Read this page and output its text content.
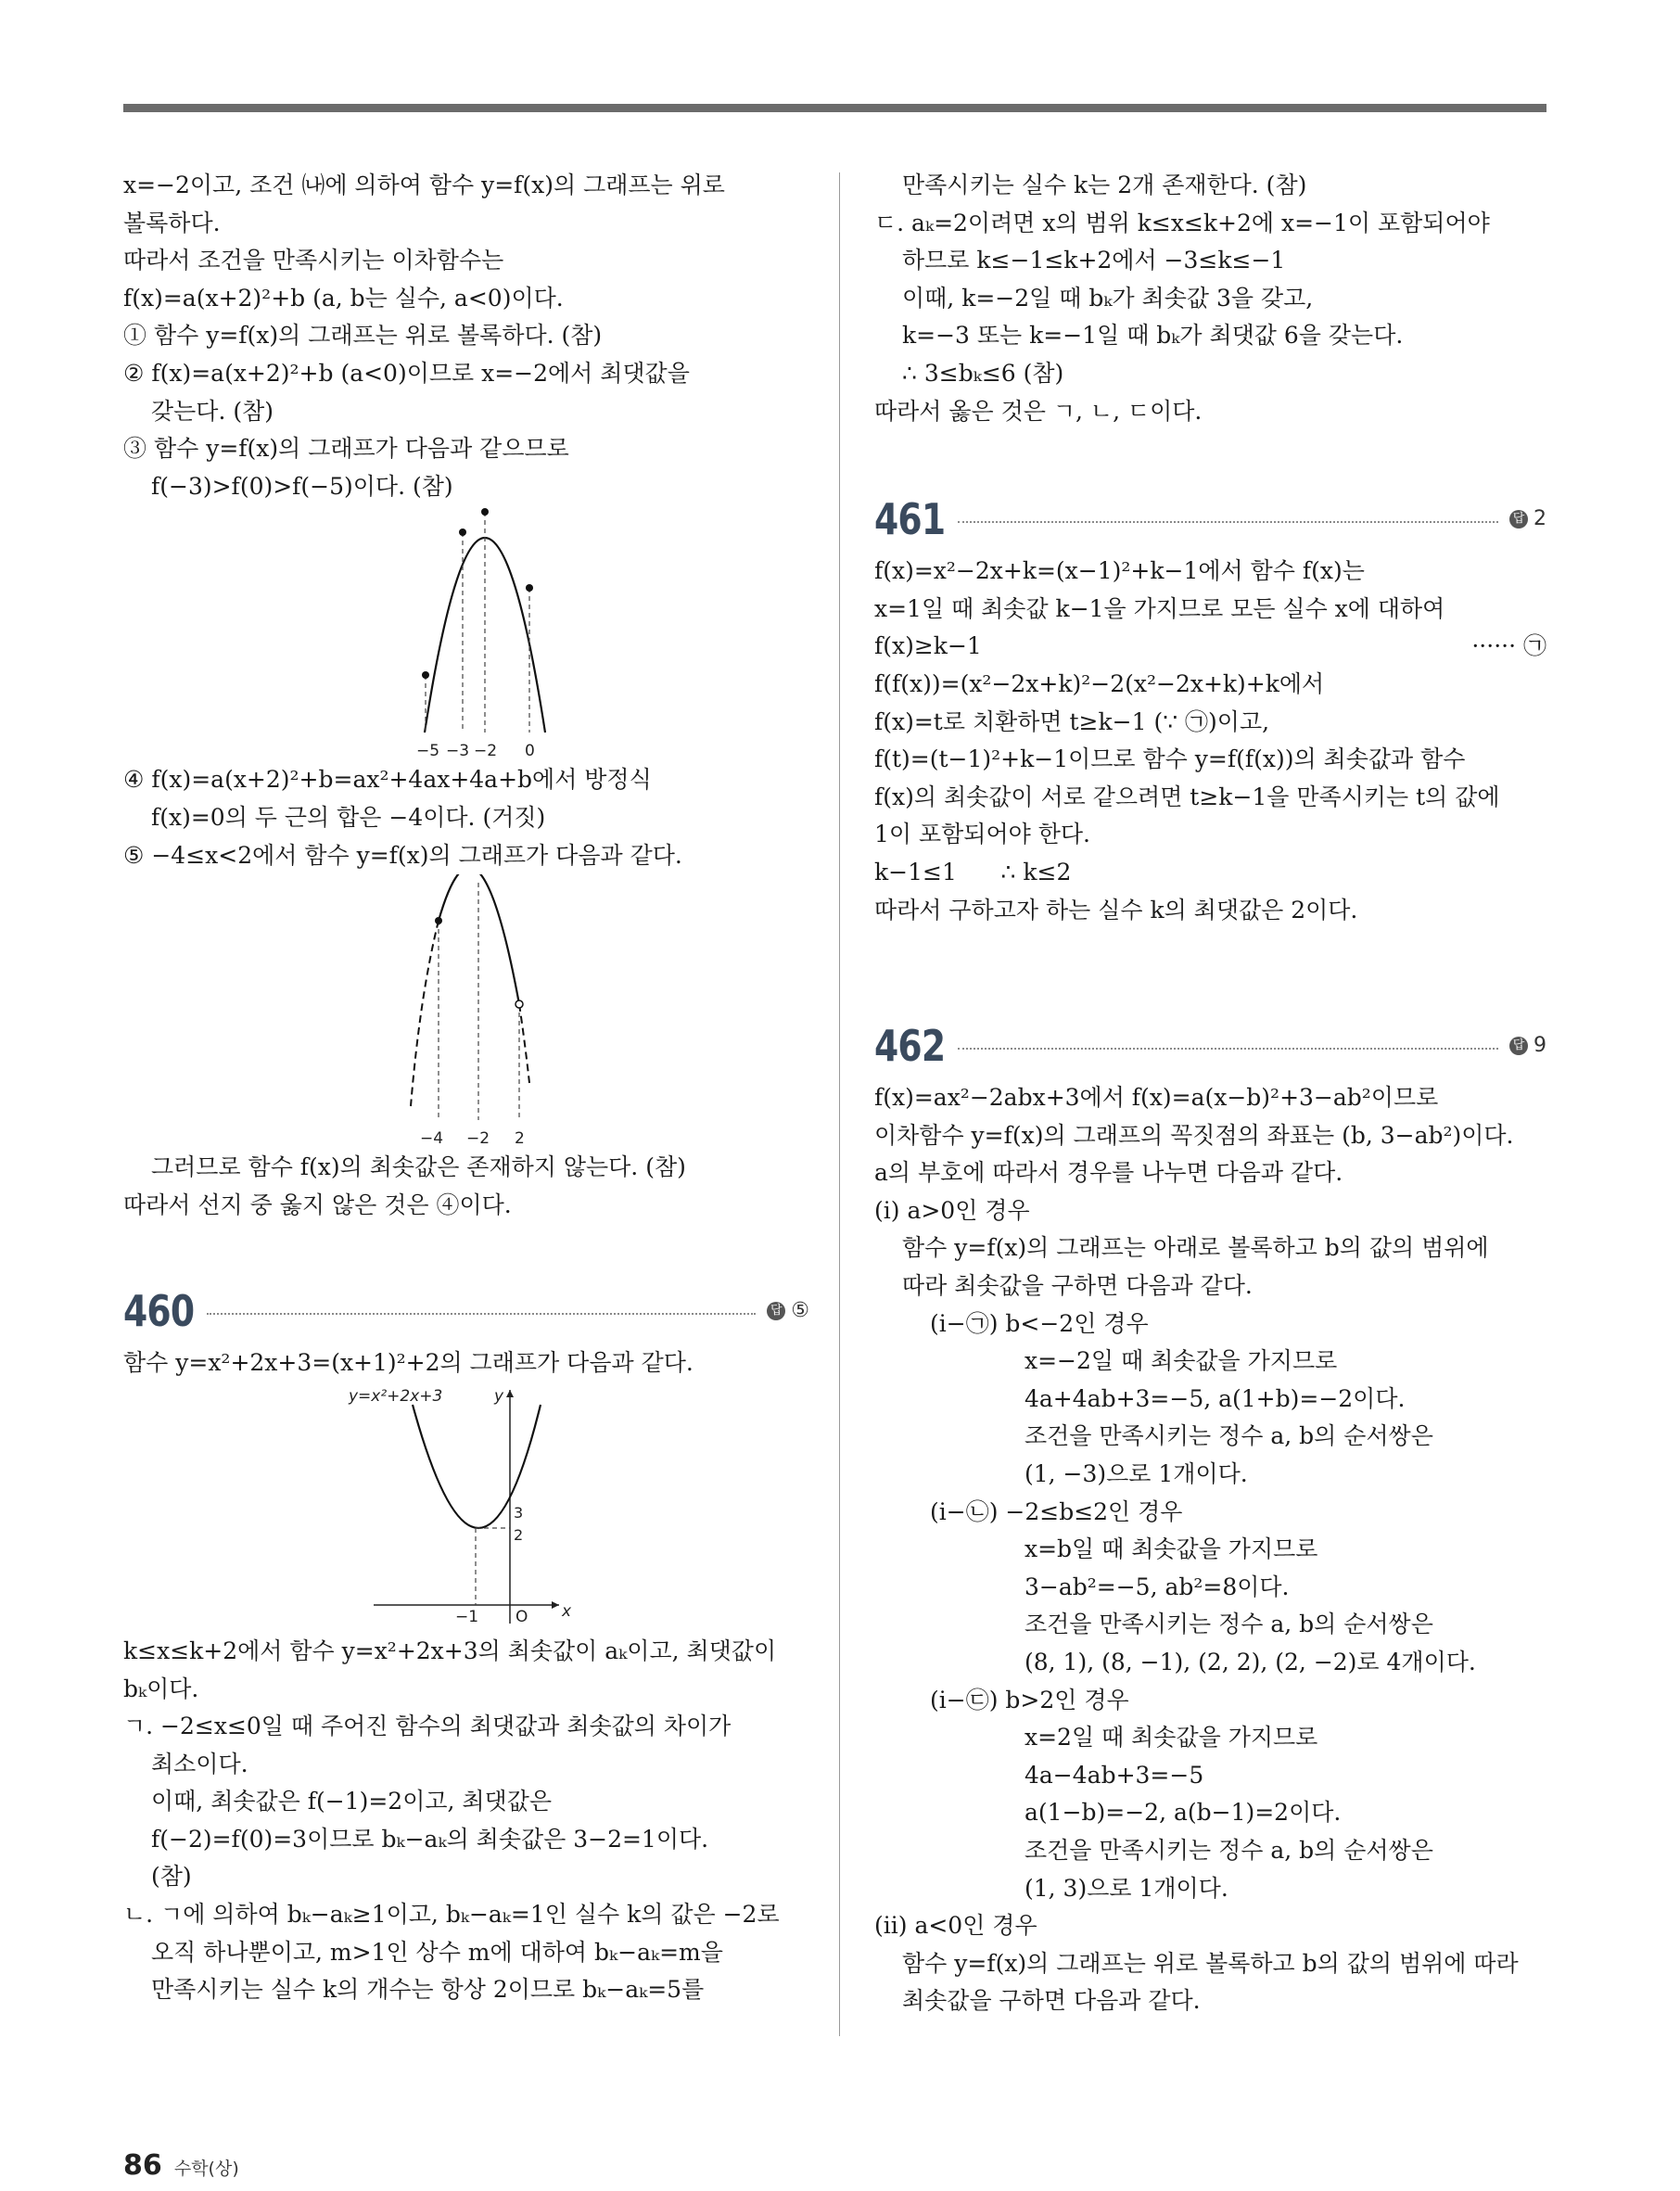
x=−2이고, 조건 ㈏에 의하여 함수 y=f(x)의 그래프는 위로
볼록하다.
따라서 조건을 만족시키는 이차함수는
f(x)=a(x+2)²+b (a, b는 실수, a<0)이다.
① 함수 y=f(x)의 그래프는 위로 볼록하다. (참)
② f(x)=a(x+2)²+b (a<0)이므로 x=−2에서 최댓값을
갖는다. (참)
③ 함수 y=f(x)의 그래프가 다음과 같으므로
f(−3)>f(0)>f(−5)이다. (참)
−5 −3 −2 0
④ f(x)=a(x+2)²+b=ax²+4ax+4a+b에서 방정식
f(x)=0의 두 근의 합은 −4이다. (거짓)
⑤ −4≤x<2에서 함수 y=f(x)의 그래프가 다음과 같다.
−4 −2 2
그러므로 함수 f(x)의 최솟값은 존재하지 않는다. (참)
따라서 선지 중 옳지 않은 것은 ④이다.
460	답 ⑤
함수 y=x²+2x+3=(x+1)²+2의 그래프가 다음과 같다.
y=x²+2x+3	y
x
O
−1
3
2
k≤x≤k+2에서 함수 y=x²+2x+3의 최솟값이 aₖ이고, 최댓값이
bₖ이다.
ㄱ. −2≤x≤0일 때 주어진 함수의 최댓값과 최솟값의 차이가
최소이다.
이때, 최솟값은 f(−1)=2이고, 최댓값은
f(−2)=f(0)=3이므로 bₖ−aₖ의 최솟값은 3−2=1이다.
(참)
ㄴ. ㄱ에 의하여 bₖ−aₖ≥1이고, bₖ−aₖ=1인 실수 k의 값은 −2로
오직 하나뿐이고, m>1인 상수 m에 대하여 bₖ−aₖ=m을
만족시키는 실수 k의 개수는 항상 2이므로 bₖ−aₖ=5를
만족시키는 실수 k는 2개 존재한다. (참)
ㄷ. aₖ=2이려면 x의 범위 k≤x≤k+2에 x=−1이 포함되어야
하므로 k≤−1≤k+2에서 −3≤k≤−1
이때, k=−2일 때 bₖ가 최솟값 3을 갖고,
k=−3 또는 k=−1일 때 bₖ가 최댓값 6을 갖는다.
∴ 3≤bₖ≤6 (참)
따라서 옳은 것은 ㄱ, ㄴ, ㄷ이다.
461	답 2
f(x)=x²−2x+k=(x−1)²+k−1에서 함수 f(x)는
x=1일 때 최솟값 k−1을 가지므로 모든 실수 x에 대하여
f(x)≥k−1	······ ㉠
f(f(x))=(x²−2x+k)²−2(x²−2x+k)+k에서
f(x)=t로 치환하면 t≥k−1 (∵ ㉠)이고,
f(t)=(t−1)²+k−1이므로 함수 y=f(f(x))의 최솟값과 함수
f(x)의 최솟값이 서로 같으려면 t≥k−1을 만족시키는 t의 값에
1이 포함되어야 한다.
k−1≤1      ∴ k≤2
따라서 구하고자 하는 실수 k의 최댓값은 2이다.
462	답 9
f(x)=ax²−2abx+3에서 f(x)=a(x−b)²+3−ab²이므로
이차함수 y=f(x)의 그래프의 꼭짓점의 좌표는 (b, 3−ab²)이다.
a의 부호에 따라서 경우를 나누면 다음과 같다.
(ⅰ) a>0인 경우
함수 y=f(x)의 그래프는 아래로 볼록하고 b의 값의 범위에
따라 최솟값을 구하면 다음과 같다.
(ⅰ−㉠) b<−2인 경우
x=−2일 때 최솟값을 가지므로
4a+4ab+3=−5, a(1+b)=−2이다.
조건을 만족시키는 정수 a, b의 순서쌍은
(1, −3)으로 1개이다.
(ⅰ−㉡) −2≤b≤2인 경우
x=b일 때 최솟값을 가지므로
3−ab²=−5, ab²=8이다.
조건을 만족시키는 정수 a, b의 순서쌍은
(8, 1), (8, −1), (2, 2), (2, −2)로 4개이다.
(ⅰ−㉢) b>2인 경우
x=2일 때 최솟값을 가지므로
4a−4ab+3=−5
a(1−b)=−2, a(b−1)=2이다.
조건을 만족시키는 정수 a, b의 순서쌍은
(1, 3)으로 1개이다.
(ⅱ) a<0인 경우
함수 y=f(x)의 그래프는 위로 볼록하고 b의 값의 범위에 따라
최솟값을 구하면 다음과 같다.
86 수학(상)
